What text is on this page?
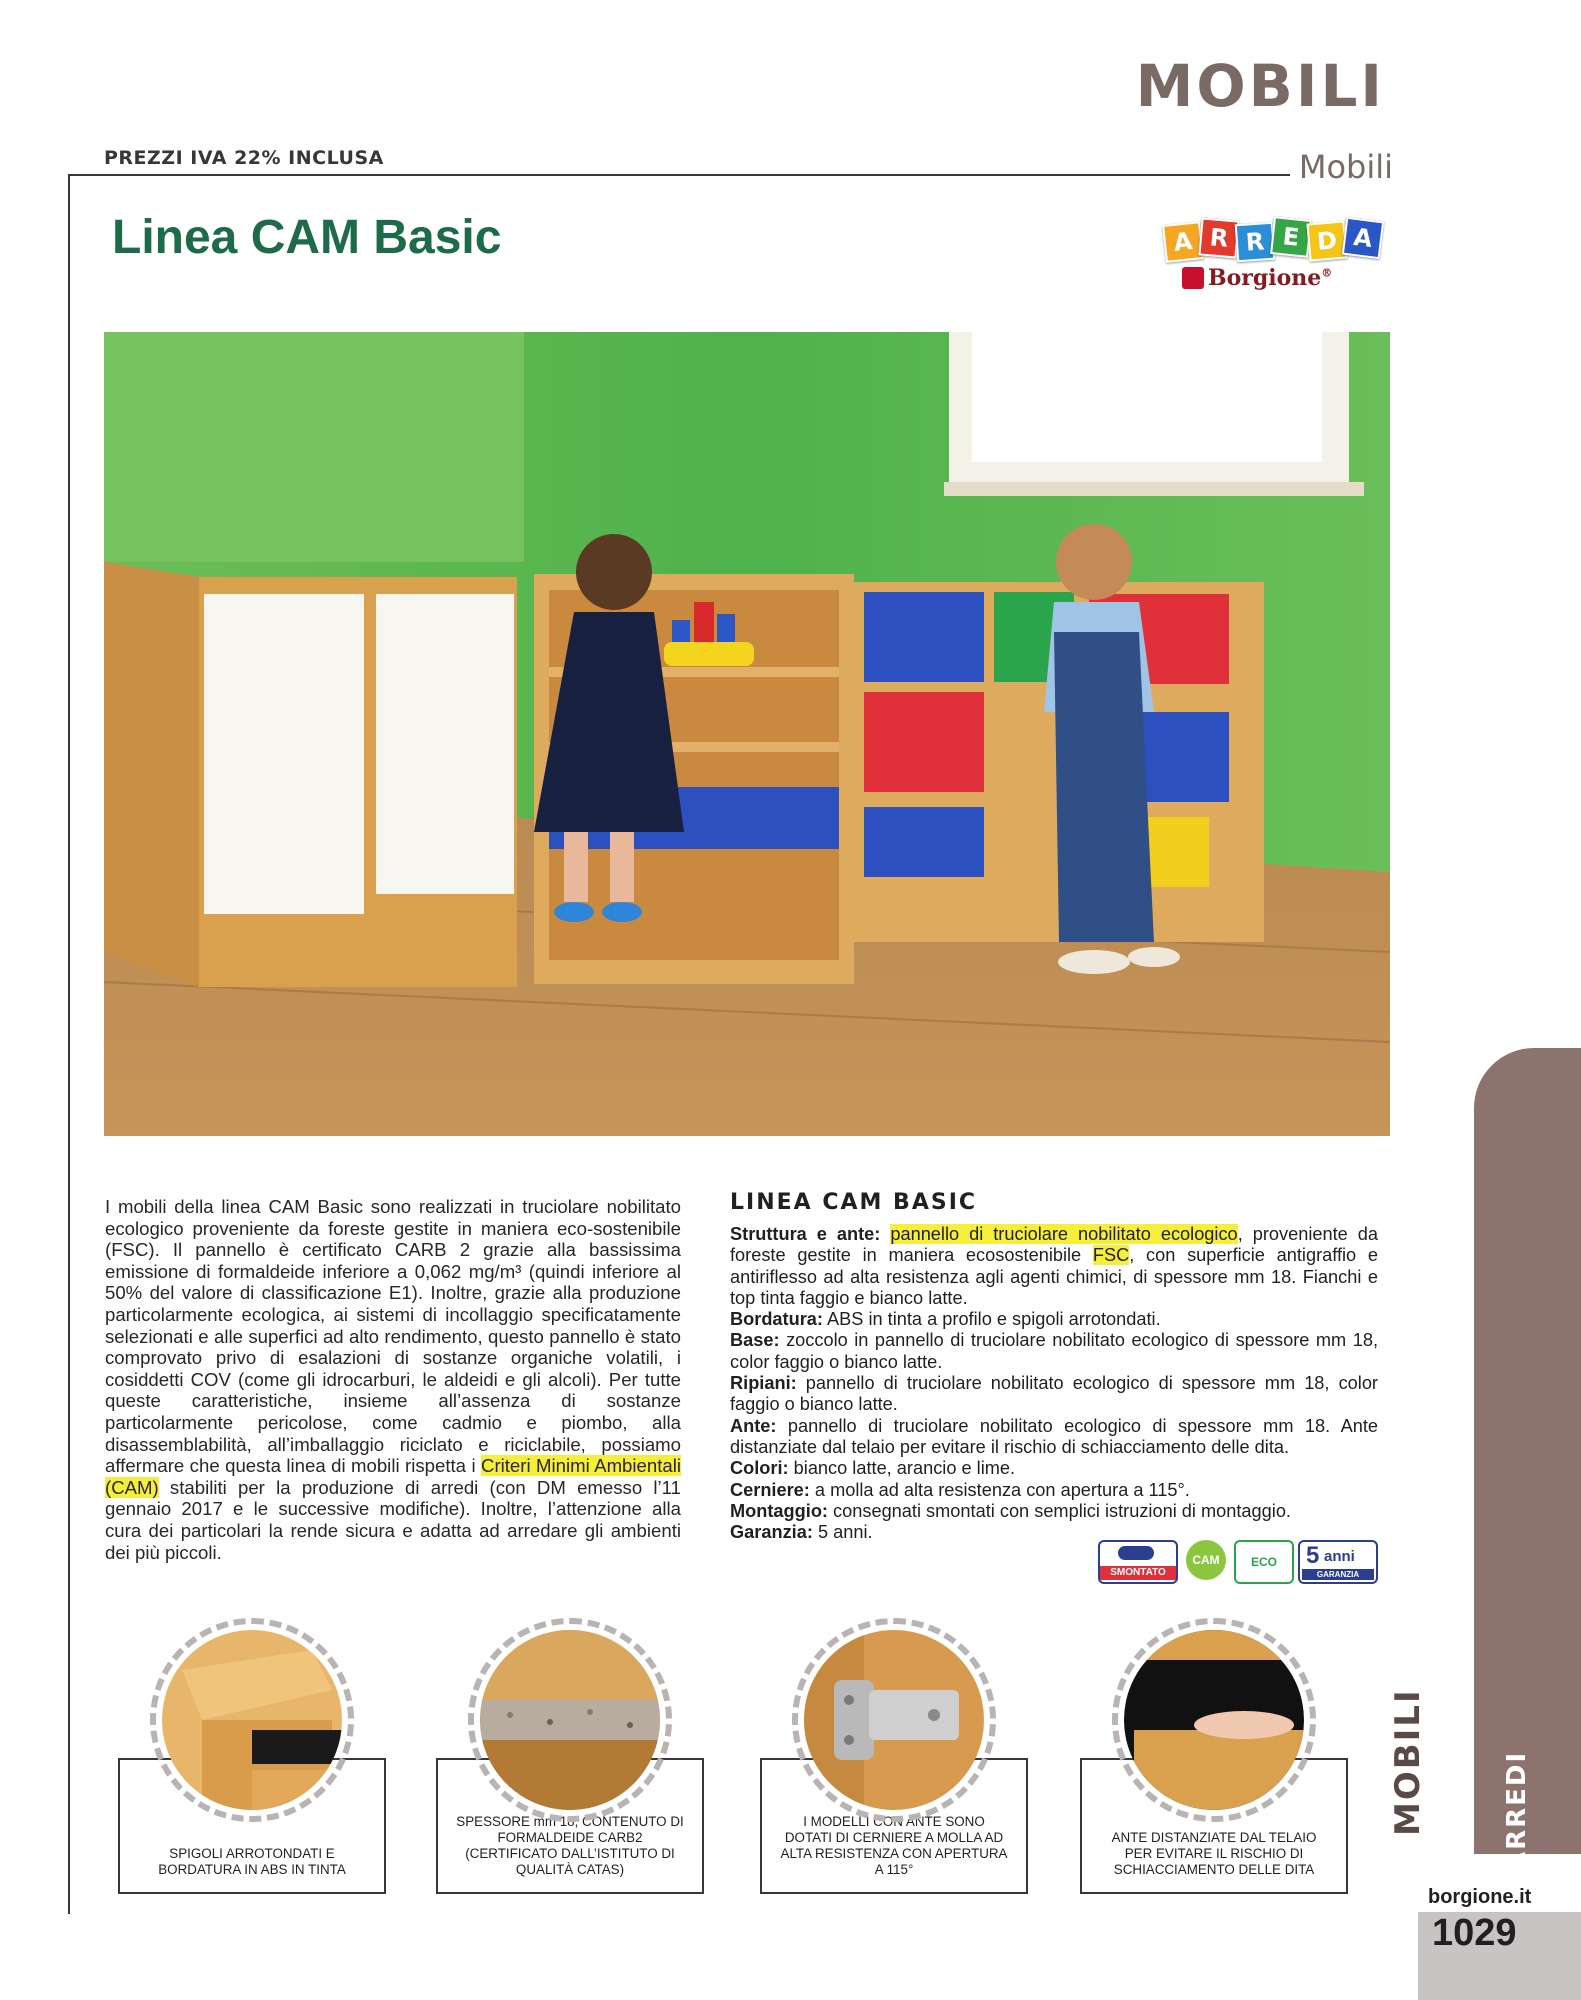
MOBILI
PREZZI IVA 22% INCLUSA	Mobili
Linea CAM Basic	A R R E D A
Borgione®
I mobili della linea CAM Basic sono realizzati in truciolare nobilitato ecologico proveniente da foreste gestite in maniera eco-sostenibile (FSC). Il pannello è certificato CARB 2 grazie alla bassissima emissione di formaldeide inferiore a 0,062 mg/m³ (quindi inferiore al 50% del valore di classificazione E1). Inoltre, grazie alla produzione particolarmente ecologica, ai sistemi di incollaggio specificatamente selezionati e alle superfici ad alto rendimento, questo pannello è stato comprovato privo di esalazioni di sostanze organiche volatili, i cosiddetti COV (come gli idrocarburi, le aldeidi e gli alcoli). Per tutte queste caratteristiche, insieme all’assenza di sostanze particolarmente pericolose, come cadmio e piombo, alla disassemblabilità, all’imballaggio riciclato e riciclabile, possiamo affermare che questa linea di mobili rispetta i Criteri Minimi Ambientali (CAM) stabiliti per la produzione di arredi (con DM emesso l’11 gennaio 2017 e le successive modifiche). Inoltre, l’attenzione alla cura dei particolari la rende sicura e adatta ad arredare gli ambienti dei più piccoli.
LINEA CAM BASIC

Struttura e ante: pannello di truciolare nobilitato ecologico, proveniente da foreste gestite in maniera ecosostenibile FSC, con superficie antigraffio e antiriflesso ad alta resistenza agli agenti chimici, di spessore mm 18. Fianchi e top tinta faggio e bianco latte.

Bordatura: ABS in tinta a profilo e spigoli arrotondati.

Base: zoccolo in pannello di truciolare nobilitato ecologico di spessore mm 18, color faggio o bianco latte.

Ripiani: pannello di truciolare nobilitato ecologico di spessore mm 18, color faggio o bianco latte.

Ante: pannello di truciolare nobilitato ecologico di spessore mm 18. Ante distanziate dal telaio per evitare il rischio di schiacciamento delle dita.

Colori: bianco latte, arancio e lime.

Cerniere: a molla ad alta resistenza con apertura a 115°.

Montaggio: consegnati smontati con semplici istruzioni di montaggio.

Garanzia: 5 anni.

SMONTATO
CAM	ECO	5 anni
GARANZIA
SPIGOLI ARROTONDATI E BORDATURA IN ABS IN TINTA
SPESSORE mm 18, CONTENUTO DI FORMALDEIDE CARB2 (CERTIFICATO DALL’ISTITUTO DI QUALITÀ CATAS)
I MODELLI CON ANTE SONO DOTATI DI CERNIERE A MOLLA AD ALTA RESISTENZA CON APERTURA A 115°
ANTE DISTANZIATE DAL TELAIO PER EVITARE IL RISCHIO DI SCHIACCIAMENTO DELLE DITA
MOBILI	ARREDI
borgione.it
1029
